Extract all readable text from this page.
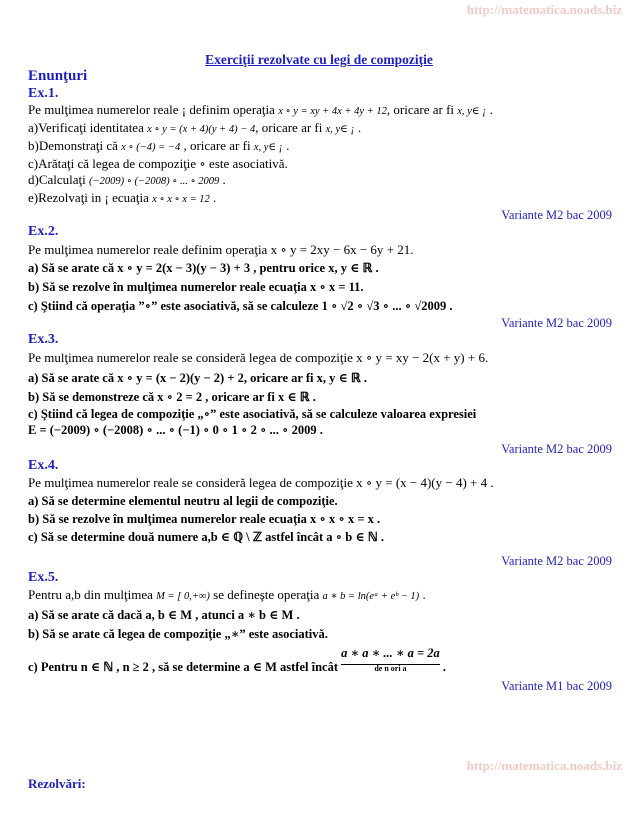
http://matematica.noads.biz
Exerciţii rezolvate cu legi de compoziţie
Enunţuri
Ex.1.
Pe mulţimea numerelor reale ¡ definim operaţia x ∘ y = xy + 4x + 4y + 12, oricare ar fi x, y∈ ¡ .
a)Verificaţi identitatea x ∘ y = (x + 4)(y + 4) − 4, oricare ar fi x, y∈ ¡ .
b)Demonstraţi că x ∘ (−4) = −4 , oricare ar fi x, y∈ ¡ .
c)Arătaţi că legea de compoziţie ∘ este asociativă.
d)Calculaţi (−2009) ∘ (−2008) ∘ ... ∘ 2009 .
e)Rezolvaţi in ¡ ecuaţia x ∘ x ∘ x = 12 .
Variante M2 bac 2009
Ex.2.
Pe mulţimea numerelor reale definim operaţia x ∘ y = 2xy − 6x − 6y + 21.
a) Să se arate că x ∘ y = 2(x − 3)(y − 3) + 3 , pentru orice x, y ∈ ℝ .
b) Să se rezolve în mulţimea numerelor reale ecuaţia x ∘ x = 11.
c) Ştiind că operaţia ”∘” este asociativă, să se calculeze 1 ∘ √2 ∘ √3 ∘ ... ∘ √2009 .
Variante M2 bac 2009
Ex.3.
Pe mulţimea numerelor reale se consideră legea de compoziţie x ∘ y = xy − 2(x + y) + 6.
a) Să se arate că x ∘ y = (x − 2)(y − 2) + 2, oricare ar fi x, y ∈ ℝ .
b) Să se demonstreze că x ∘ 2 = 2 , oricare ar fi x ∈ ℝ .
c) Ştiind că legea de compoziţie „∘” este asociativă, să se calculeze valoarea expresiei
E = (−2009) ∘ (−2008) ∘ ... ∘ (−1) ∘ 0 ∘ 1 ∘ 2 ∘ ... ∘ 2009 .
Variante M2 bac 2009
Ex.4.
Pe mulţimea numerelor reale se consideră legea de compoziţie x ∘ y = (x − 4)(y − 4) + 4 .
a) Să se determine elementul neutru al legii de compoziţie.
b) Să se rezolve în mulţimea numerelor reale ecuaţia x ∘ x ∘ x = x .
c) Să se determine două numere a,b ∈ ℚ \ ℤ astfel încât a ∘ b ∈ ℕ .
Variante M2 bac 2009
Ex.5.
Pentru a,b din mulţimea M = [ 0,+∞) se defineşte operaţia a ∗ b = ln(eᵃ + eᵇ − 1) .
a) Să se arate că dacă a, b ∈ M , atunci a ∗ b ∈ M .
b) Să se arate că legea de compoziţie „∗” este asociativă.
c) Pentru n ∈ ℕ , n ≥ 2 , să se determine a ∈ M astfel încât a ∗ a ∗ ... ∗ a = 2a
de n ori a	.
Variante M1 bac 2009
http://matematica.noads.biz
Rezolvări:
